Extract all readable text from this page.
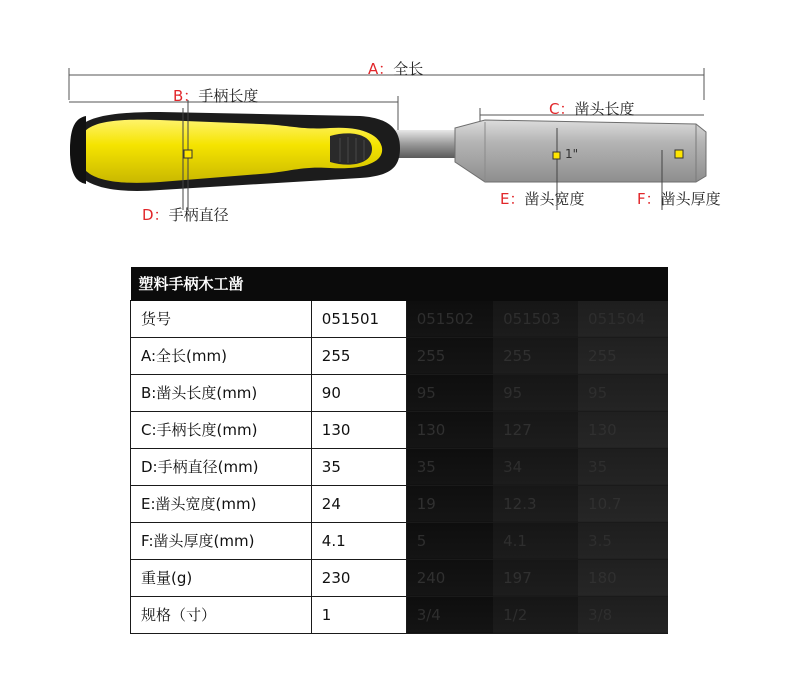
1"
A：全长
B：手柄长度
C：凿头长度
D：手柄直径
E：凿头宽度	F：凿头厚度
塑料手柄木工凿				
货号	051501	051502	051503	051504
A:全长(mm)	255	255	255	255
B:凿头长度(mm)	90	95	95	95
C:手柄长度(mm)	130	130	127	130
D:手柄直径(mm)	35	35	34	35
E:凿头宽度(mm)	24	19	12.3	10.7
F:凿头厚度(mm)	4.1	5	4.1	3.5
重量(g)	230	240	197	180
规格（寸）	1	3/4	1/2	3/8
